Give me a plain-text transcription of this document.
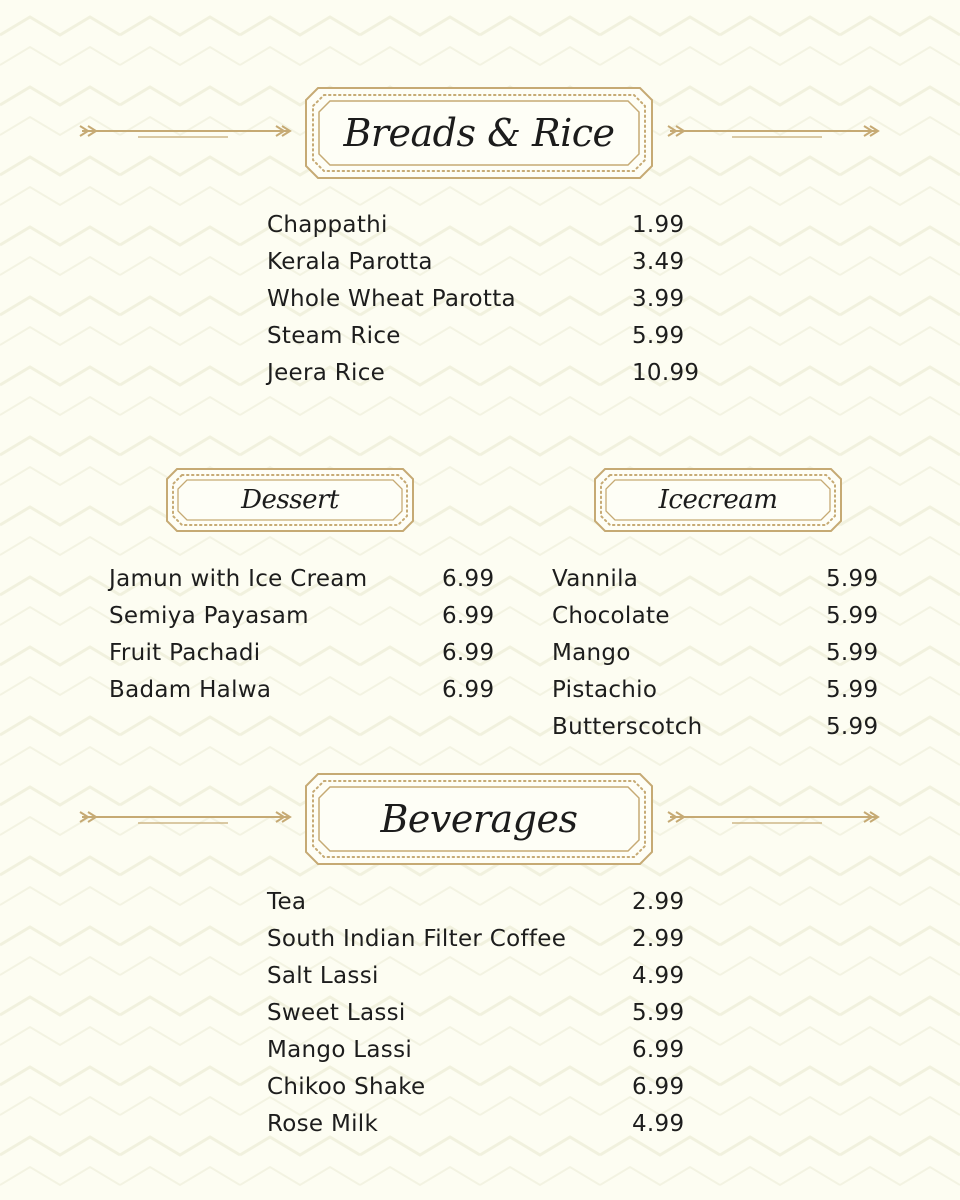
Breads & Rice
Chappathi	1.99
Kerala Parotta	3.49
Whole Wheat Parotta	3.99
Steam Rice	5.99
Jeera Rice	10.99
Dessert	Icecream
Jamun with Ice Cream	6.99
Semiya Payasam	6.99
Fruit Pachadi	6.99
Badam Halwa	6.99
Vannila	5.99
Chocolate	5.99
Mango	5.99
Pistachio	5.99
Butterscotch	5.99
Beverages
Tea	2.99
South Indian Filter Coffee	2.99
Salt Lassi	4.99
Sweet Lassi	5.99
Mango Lassi	6.99
Chikoo Shake	6.99
Rose Milk	4.99
